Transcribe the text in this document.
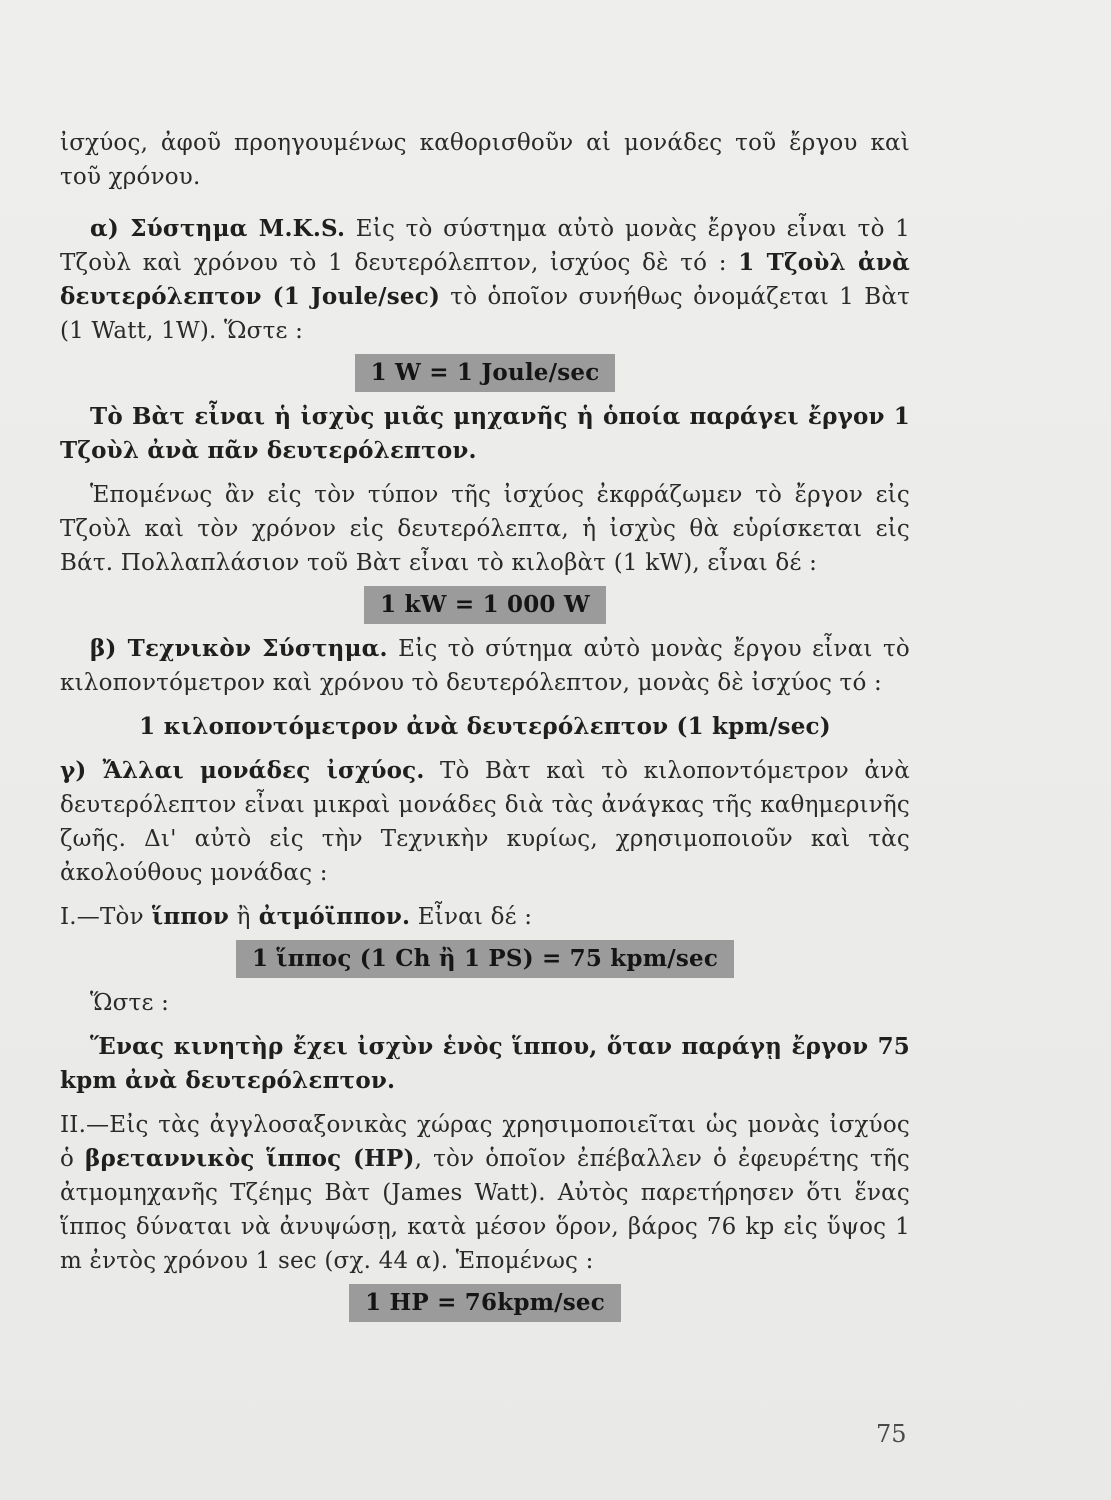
ἰσχύος, ἀφοῦ προηγουμένως καθορισθοῦν αἱ μονάδες τοῦ ἔργου καὶ τοῦ χρόνου.

α) Σύστημα M.K.S. Εἰς τὸ σύστημα αὐτὸ μονὰς ἔργου εἶναι τὸ 1 Τζοὺλ καὶ χρόνου τὸ 1 δευτερόλεπτον, ἰσχύος δὲ τό : 1 Τζοὺλ ἀνὰ δευτερόλεπτον (1 Joule/sec) τὸ ὁποῖον συνήθως ὀνομάζεται 1 Βὰτ (1 Watt, 1W). Ὥστε :

1 W = 1 Joule/sec

Τὸ Βὰτ εἶναι ἡ ἰσχὺς μιᾶς μηχανῆς ἡ ὁποία παράγει ἔργον 1 Τζοὺλ ἀνὰ πᾶν δευτερόλεπτον.

Ἑπομένως ἂν εἰς τὸν τύπον τῆς ἰσχύος ἐκφράζωμεν τὸ ἔργον εἰς Τζοὺλ καὶ τὸν χρόνον εἰς δευτερόλεπτα, ἡ ἰσχὺς θὰ εὑρίσκεται εἰς Βάτ. Πολλαπλάσιον τοῦ Βὰτ εἶναι τὸ κιλοβὰτ (1 kW), εἶναι δέ :

1 kW = 1 000 W

β) Τεχνικὸν Σύστημα. Εἰς τὸ σύτημα αὐτὸ μονὰς ἔργου εἶναι τὸ κιλοποντόμετρον καὶ χρόνου τὸ δευτερόλεπτον, μονὰς δὲ ἰσχύος τό :

1 κιλοποντόμετρον ἀνὰ δευτερόλεπτον (1 kpm/sec)

γ) Ἄλλαι μονάδες ἰσχύος. Τὸ Βὰτ καὶ τὸ κιλοποντόμετρον ἀνὰ δευτερόλεπτον εἶναι μικραὶ μονάδες διὰ τὰς ἀνάγκας τῆς καθημερινῆς ζωῆς. Δι' αὐτὸ εἰς τὴν Τεχνικὴν κυρίως, χρησιμοποιοῦν καὶ τὰς ἀκολούθους μονάδας :

I.—Τὸν ἵππον ἢ ἀτμόϊππον. Εἶναι δέ :

1 ἵππος (1 Ch ἢ 1 PS) = 75 kpm/sec

Ὥστε :

Ἕνας κινητὴρ ἔχει ἰσχὺν ἑνὸς ἵππου, ὅταν παράγῃ ἔργον 75 kpm ἀνὰ δευτερόλεπτον.

II.—Εἰς τὰς ἀγγλοσαξονικὰς χώρας χρησιμοποιεῖται ὡς μονὰς ἰσχύος ὁ βρεταννικὸς ἵππος (HP), τὸν ὁποῖον ἐπέβαλλεν ὁ ἐφευρέτης τῆς ἀτμομηχανῆς Τζέημς Βὰτ (James Watt). Αὐτὸς παρετήρησεν ὅτι ἕνας ἵππος δύναται νὰ ἀνυψώσῃ, κατὰ μέσον ὅρον, βάρος 76 kp εἰς ὕψος 1 m ἐντὸς χρόνου 1 sec (σχ. 44 α). Ἑπομένως :

1 HP = 76kpm/sec
75
